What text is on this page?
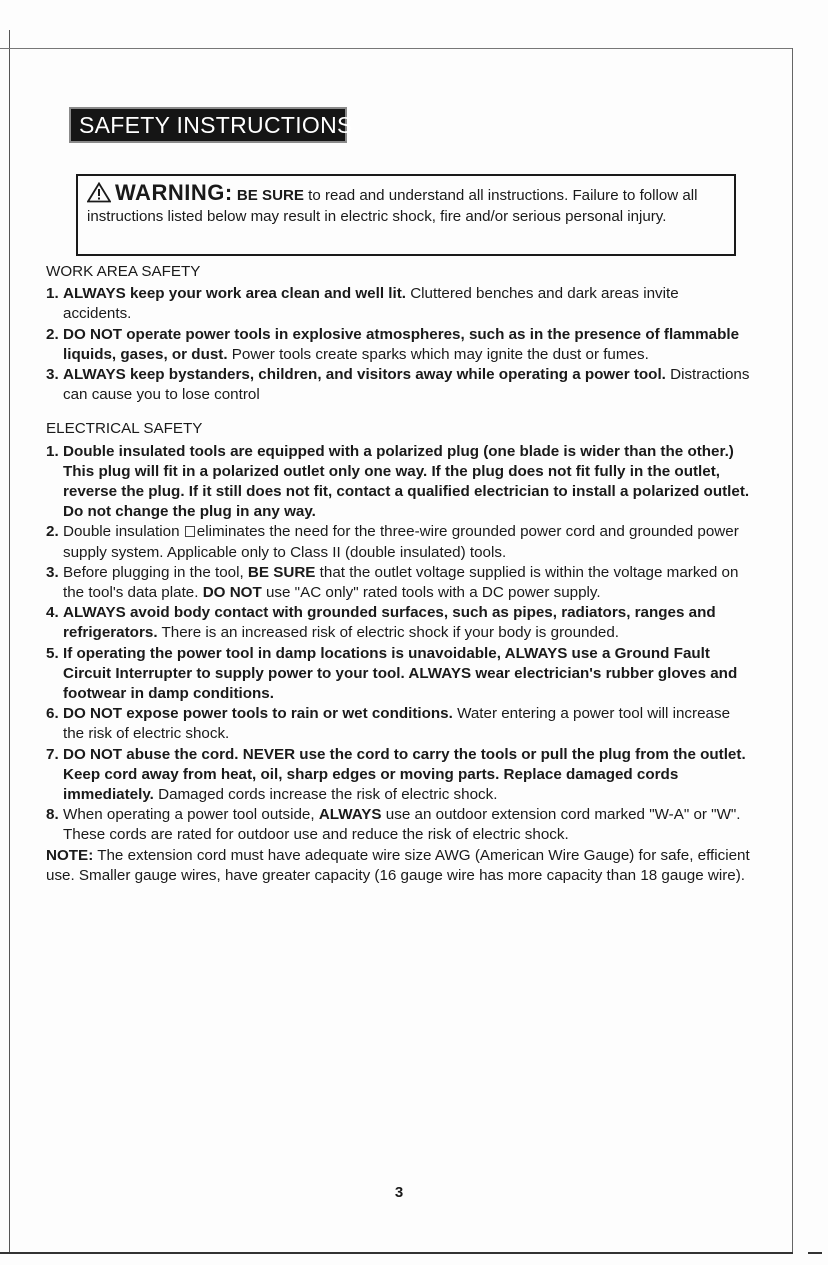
SAFETY INSTRUCTIONS
WARNING: BE SURE to read and understand all instructions. Failure to follow all instructions listed below may result in electric shock, fire and/or serious personal injury.
WORK AREA SAFETY

1. ALWAYS keep your work area clean and well lit. Cluttered benches and dark areas invite accidents.

2. DO NOT operate power tools in explosive atmospheres, such as in the presence of flammable liquids, gases, or dust. Power tools create sparks which may ignite the dust or fumes.

3. ALWAYS keep bystanders, children, and visitors away while operating a power tool. Distractions can cause you to lose control

ELECTRICAL SAFETY

1. Double insulated tools are equipped with a polarized plug (one blade is wider than the other.) This plug will fit in a polarized outlet only one way. If the plug does not fit fully in the outlet, reverse the plug. If it still does not fit, contact a qualified electrician to install a polarized outlet. Do not change the plug in any way.

2. Double insulation eliminates the need for the three-wire grounded power cord and grounded power supply system. Applicable only to Class II (double insulated) tools.

3. Before plugging in the tool, BE SURE that the outlet voltage supplied is within the voltage marked on the tool's data plate. DO NOT use "AC only" rated tools with a DC power supply.

4. ALWAYS avoid body contact with grounded surfaces, such as pipes, radiators, ranges and refrigerators. There is an increased risk of electric shock if your body is grounded.

5. If operating the power tool in damp locations is unavoidable, ALWAYS use a Ground Fault Circuit Interrupter to supply power to your tool. ALWAYS wear electrician's rubber gloves and footwear in damp conditions.

6. DO NOT expose power tools to rain or wet conditions. Water entering a power tool will increase the risk of electric shock.

7. DO NOT abuse the cord. NEVER use the cord to carry the tools or pull the plug from the outlet. Keep cord away from heat, oil, sharp edges or moving parts. Replace damaged cords immediately. Damaged cords increase the risk of electric shock.

8. When operating a power tool outside, ALWAYS use an outdoor extension cord marked "W-A" or "W". These cords are rated for outdoor use and reduce the risk of electric shock.

NOTE: The extension cord must have adequate wire size AWG (American Wire Gauge) for safe, efficient use. Smaller gauge wires, have greater capacity (16 gauge wire has more capacity than 18 gauge wire).

3
